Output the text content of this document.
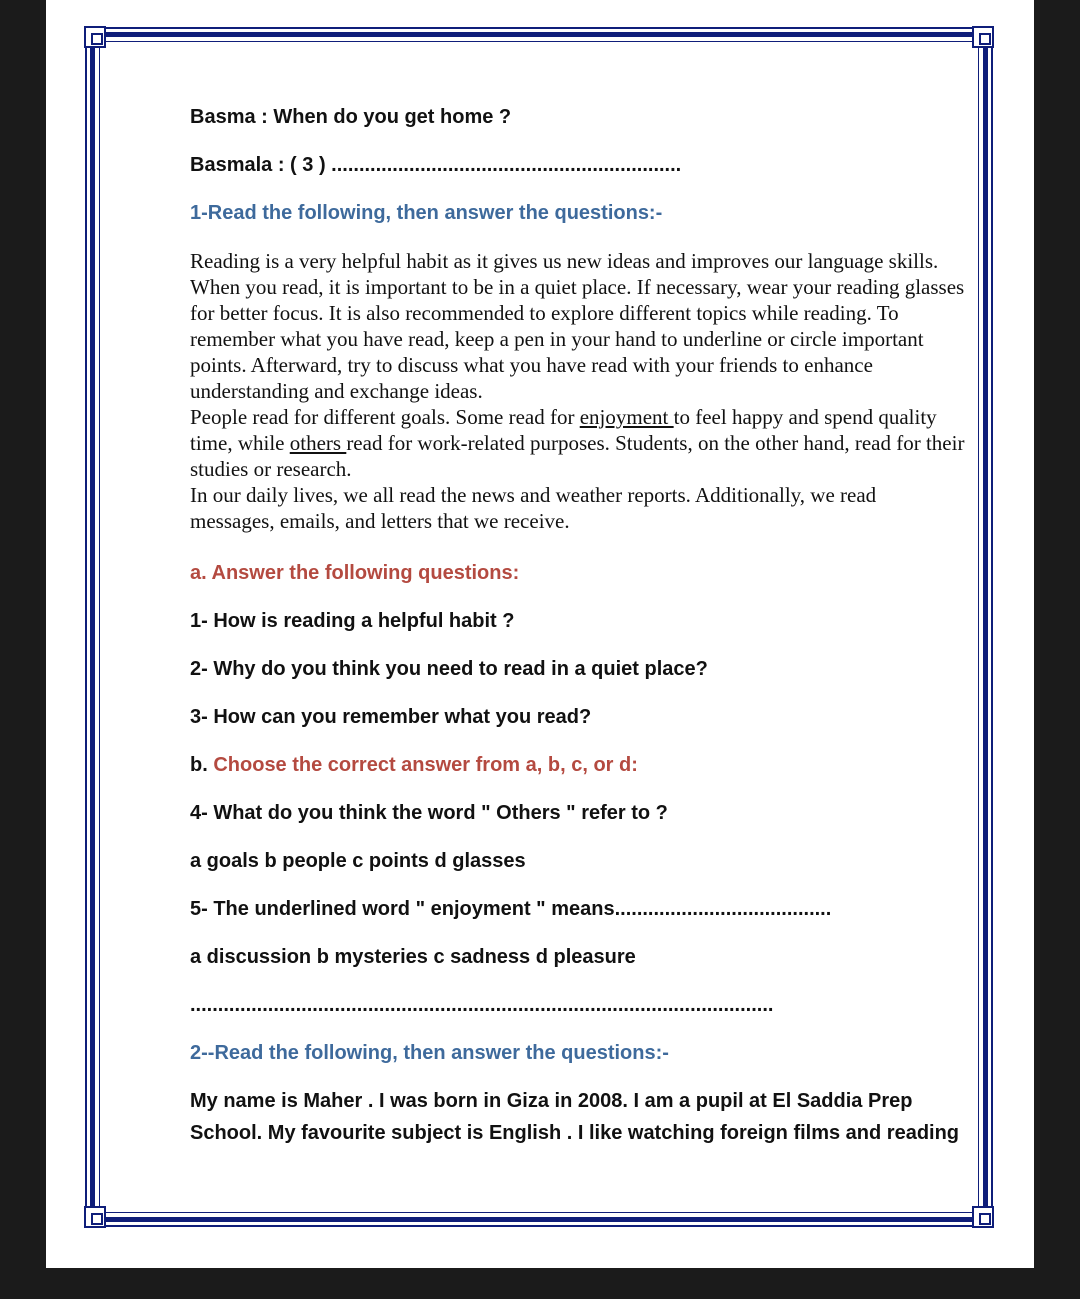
Basma : When do you get home ?
Basmala : ( 3 ) ...............................................................
1-Read the following, then answer the questions:-

Reading is a very helpful habit as it gives us new ideas and improves our language skills.

When you read, it is important to be in a quiet place. If necessary, wear your reading glasses for better focus. It is also recommended to explore different topics while reading. To remember what you have read, keep a pen in your hand to underline or circle important points. Afterward, try to discuss what you have read with your friends to enhance understanding and exchange ideas.

People read for different goals. Some read for enjoyment to feel happy and spend quality time, while others read for work-related purposes. Students, on the other hand, read for their studies or research.

In our daily lives, we all read the news and weather reports. Additionally, we read messages, emails, and letters that we receive.

a. Answer the following questions:
1- How is reading a helpful habit ?
2- Why do you think you need to read in a quiet place?
3- How can you remember what you read?
b. Choose the correct answer from a, b, c, or d:
4- What do you think the word " Others " refer to ?
a goals b people c points d glasses
5- The underlined word " enjoyment " means.......................................
a discussion b mysteries c sadness d pleasure
.........................................................................................................
2--Read the following, then answer the questions:-
My name is Maher . I was born in Giza in 2008. I am a pupil at El Saddia Prep
School. My favourite subject is English . I like watching foreign films and reading
